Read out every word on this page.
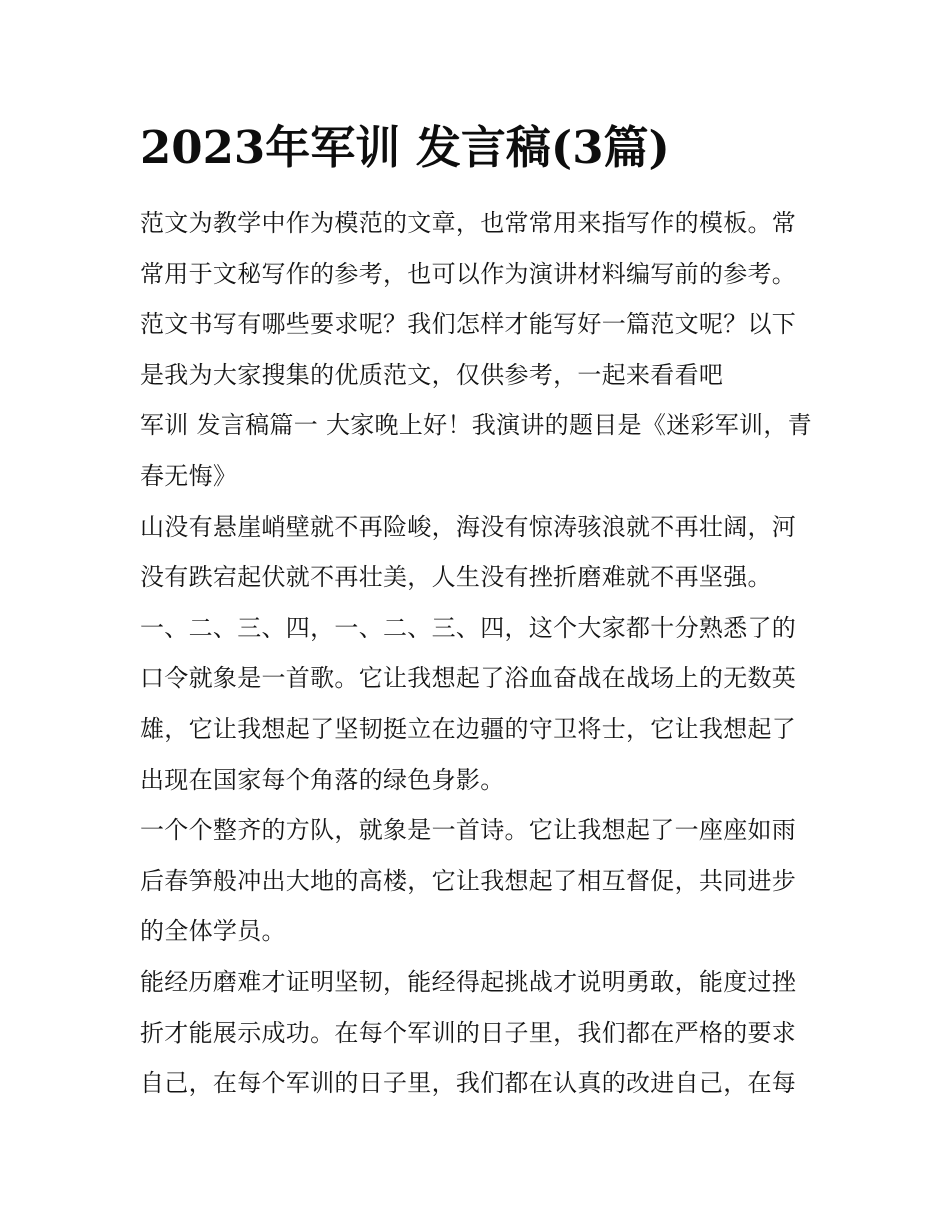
2023年军训 发言稿(3篇)

范文为教学中作为模范的文章，也常常用来指写作的模板。常常用于文秘写作的参考，也可以作为演讲材料编写前的参考。范文书写有哪些要求呢？我们怎样才能写好一篇范文呢？以下是我为大家搜集的优质范文，仅供参考，一起来看看吧

军训 发言稿篇一 大家晚上好！我演讲的题目是《迷彩军训，青春无悔》

山没有悬崖峭壁就不再险峻，海没有惊涛骇浪就不再壮阔，河没有跌宕起伏就不再壮美，人生没有挫折磨难就不再坚强。

一、二、三、四，一、二、三、四，这个大家都十分熟悉了的口令就象是一首歌。它让我想起了浴血奋战在战场上的无数英雄，它让我想起了坚韧挺立在边疆的守卫将士，它让我想起了出现在国家每个角落的绿色身影。

一个个整齐的方队，就象是一首诗。它让我想起了一座座如雨后春笋般冲出大地的高楼，它让我想起了相互督促，共同进步的全体学员。

能经历磨难才证明坚韧，能经得起挑战才说明勇敢，能度过挫折才能展示成功。在每个军训的日子里，我们都在严格的要求自己，在每个军训的日子里，我们都在认真的改进自己，在每
